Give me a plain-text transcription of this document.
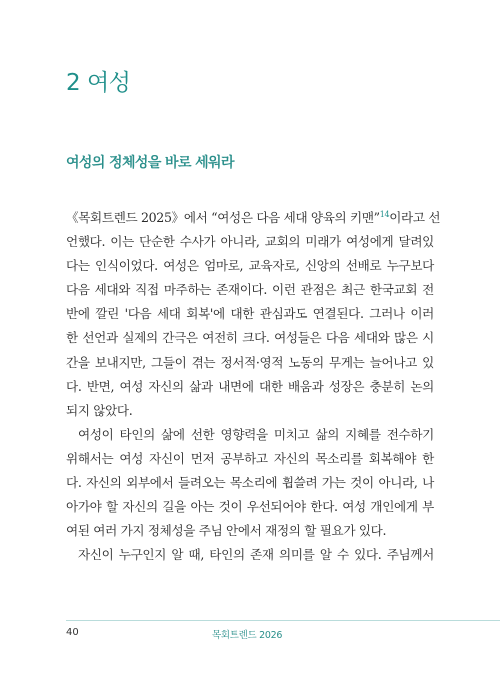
2 여성
여성의 정체성을 바로 세워라
《목회트렌드 2025》에서 “여성은 다음 세대 양육의 키맨”$^{14}$이라고 선
언했다. 이는 단순한 수사가 아니라, 교회의 미래가 여성에게 달려있
다는 인식이었다. 여성은 엄마로, 교육자로, 신앙의 선배로 누구보다
다음 세대와 직접 마주하는 존재이다. 이런 관점은 최근 한국교회 전
반에 깔린 '다음 세대 회복'에 대한 관심과도 연결된다. 그러나 이러
한 선언과 실제의 간극은 여전히 크다. 여성들은 다음 세대와 많은 시
간을 보내지만, 그들이 겪는 정서적·영적 노동의 무게는 늘어나고 있
다. 반면, 여성 자신의 삶과 내면에 대한 배움과 성장은 충분히 논의
되지 않았다.
여성이 타인의 삶에 선한 영향력을 미치고 삶의 지혜를 전수하기
위해서는 여성 자신이 먼저 공부하고 자신의 목소리를 회복해야 한
다. 자신의 외부에서 들려오는 목소리에 휩쓸려 가는 것이 아니라, 나
아가야 할 자신의 길을 아는 것이 우선되어야 한다. 여성 개인에게 부
여된 여러 가지 정체성을 주님 안에서 재정의 할 필요가 있다.
자신이 누구인지 알 때, 타인의 존재 의미를 알 수 있다. 주님께서
40	목회트렌드 2026
